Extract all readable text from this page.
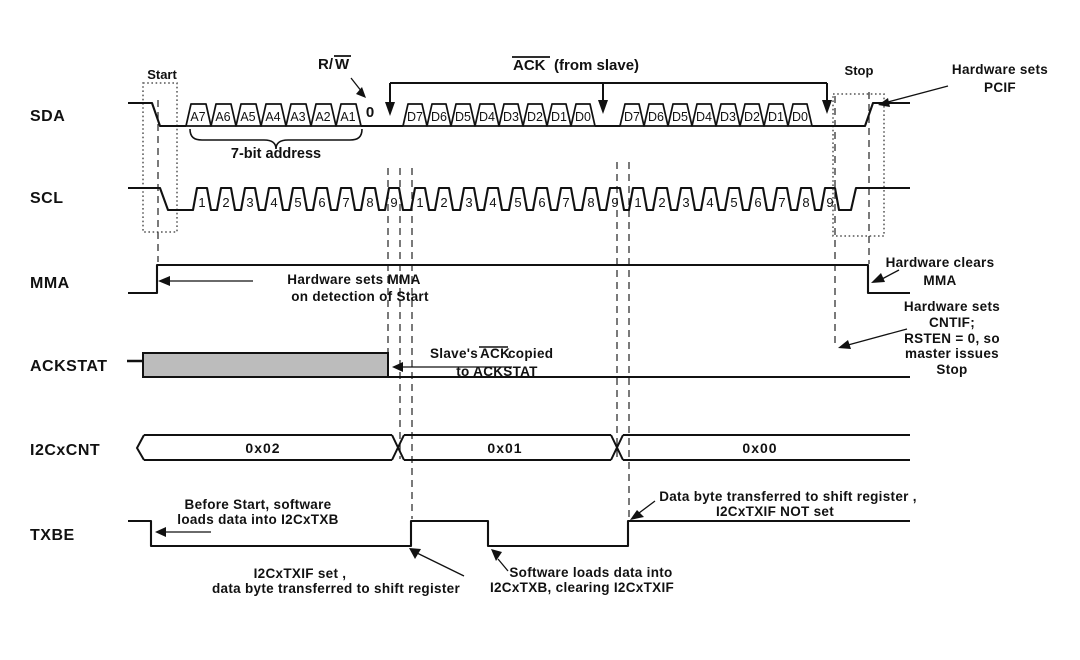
SDA
SCL
MMA
ACKSTAT
I2CxCNT
TXBE
Start	Stop
A7 A6 A5 A4 A3 A2 A1 0	D7 D6 D5 D4 D3 D2 D1 D0	D7 D6 D5 D4 D3 D2 D1 D0
7-bit address
R/ W	ACK (from slave)	Hardware sets
PCIF
1 2 3 4 5 6 7 8 9 1 2 3 4 5 6 7 8 9 1 2 3 4 5 6 7 8 9
Hardware sets MMA
on detection of Start
Hardware clears
MMA
Hardware sets
CNTIF;
RSTEN = 0, so
master issues
Stop
Slave's ACK
copied
to ACKSTAT
0x02	0x01	0x00
Before Start, software
loads data into I2CxTXB
I2CxTXIF set ,
data byte transferred to shift register
Software loads data into
I2CxTXB, clearing I2CxTXIF
Data byte transferred to shift register ,
I2CxTXIF NOT set
